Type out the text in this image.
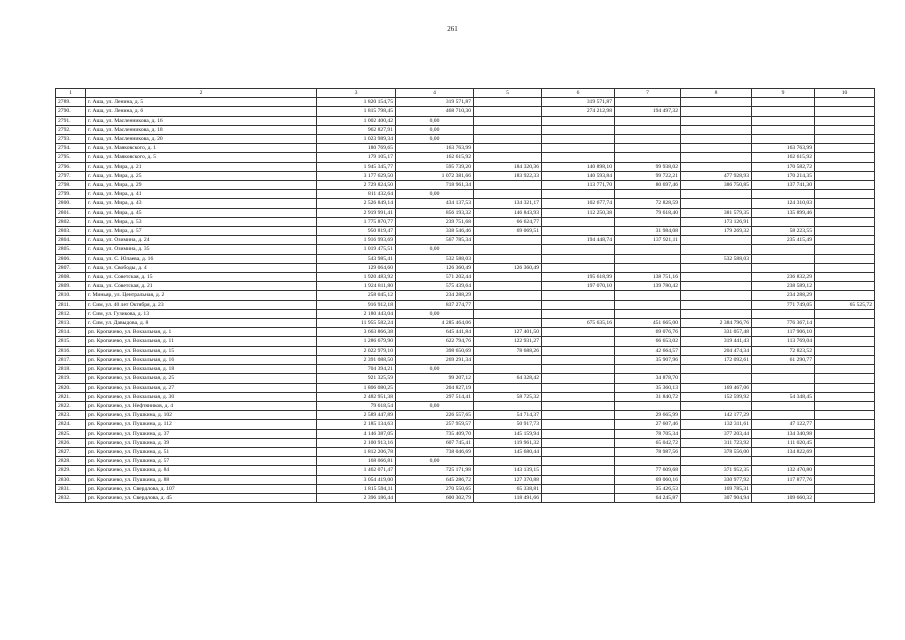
261
1	2	3	4	5	6	7	8	9	10
2789.	г. Аша, ул. Ленина, д. 5	1 820 154,75	319 571,87		319 571,87				
2790.	г. Аша, ул. Ленина, д. 6	1 815 798,45	468 710,30		274 212,98	194 497,32			
2791.	г. Аша, ул. Масленникова, д. 16	1 002 400,42	0,00						
2792.	г. Аша, ул. Масленникова, д. 18	962 827,91	0,00						
2793.	г. Аша, ул. Масленникова, д. 20	1 023 989,34	0,00						
2794.	г. Аша, ул. Маяковского, д. 1	180 769,65	163 763,99					163 763,99	
2795.	г. Аша, ул. Маяковского, д. 5	179 105,17	162 615,92					162 615,92	
2796.	г. Аша, ул. Мира, д. 21	1 945 345,77	595 739,20	184 320,36	140 898,10	99 938,02		170 582,72	
2797.	г. Аша, ул. Мира, д. 25	3 177 629,50	1 072 381,66	183 922,33	140 593,84	99 722,21	477 928,93	170 214,35	
2798.	г. Аша, ул. Мира, д. 29	2 729 824,50	718 961,34		113 771,70	80 697,46	386 750,85	137 741,30	
2799.	г. Аша, ул. Мира, д. 41	811 432,64	0,00						
2800.	г. Аша, ул. Мира, д. 43	2 526 849,14	434 137,53	134 321,17	102 677,74	72 828,59		124 310,03	
2801.	г. Аша, ул. Мира, д. 45	2 919 991,41	856 193,32	146 843,93	112 250,38	79 618,40	381 579,35	135 899,46	
2802.	г. Аша, ул. Мира, д. 53	1 775 870,77	239 751,68	66 624,77			173 126,91		
2803.	г. Аша, ул. Мира, д. 57	950 819,47	338 546,46	69 069,51		31 984,08	179 269,32	58 223,55	
2804.	г. Аша, ул. Озимина, д. 24	1 916 993,69	567 785,34		194 448,74	137 921,11		235 415,49	
2805.	г. Аша, ул. Озимина, д. 35	1 019 475,51	0,00						
2806.	г. Аша, ул. С. Юлаева, д. 16	543 985,41	532 588,03				532 588,03		
2807.	г. Аша, ул. Свободы, д. 4	129 064,60	126 360,49	126 360,49					
2808.	г. Аша, ул. Советская, д. 15	1 920 483,92	571 202,44		195 618,99	138 751,16		236 832,29	
2809.	г. Аша, ул. Советская, д. 21	1 924 811,80	575 439,64		197 070,10	139 780,42		238 589,12	
2810.	г. Миньяр, ул. Центральная, д. 2	258 045,12	234 288,29					234 288,29	
2811.	г. Сим, ул. 40 лет Октября, д. 23	916 912,18	837 274,77					771 749,05	65 525,72
2812.	г. Сим, ул. Гузикова, д. 13	2 180 443,04	0,00						
2813.	г. Сим, ул. Давыдова, д. 8	11 955 582,24	4 285 464,06		675 635,16	451 665,00	2 384 796,76	776 367,14	
2814.	рп. Кропачево, ул. Вокзальная, д. 1	3 663 866,38	645 441,84	127 401,50		69 076,76	331 057,48	117 906,10	
2815.	рп. Кропачево, ул. Вокзальная, д. 11	1 286 679,90	622 794,76	122 931,27		66 653,02	319 441,43	113 769,04	
2816.	рп. Кропачево, ул. Вокзальная, д. 15	2 022 979,10	398 650,69	78 688,26		42 664,57	204 474,34	72 823,52	
2817.	рп. Кропачево, ул. Вокзальная, д. 16	2 391 088,50	269 291,34			35 907,96	172 092,61	61 290,77	
2818.	рп. Кропачево, ул. Вокзальная, д. 18	704 394,21	0,00						
2819.	рп. Кропачево, ул. Вокзальная, д. 25	921 325,59	99 207,12	64 328,42		34 878,70			
2820.	рп. Кропачево, ул. Вокзальная, д. 27	1 806 080,25	204 827,19			35 360,13	169 467,06		
2821.	рп. Кропачево, ул. Вокзальная, д. 30	2 482 951,38	297 514,41	58 725,32		31 840,72	152 599,92	54 348,45	
2822.	рп. Кропачево, ул. Нефтяников, д. 4	79 618,54	0,00						
2823.	рп. Кропачево, ул. Пушкина, д. 102	2 589 447,89	226 557,65	54 714,37		29 665,99	142 177,29		
2824.	рп. Кропачево, ул. Пушкина, д. 112	2 185 134,63	257 959,57	50 917,73		27 607,46	132 311,61	47 122,77	
2825.	рп. Кропачево, ул. Пушкина, д. 37	4 146 387,05	735 409,70	145 159,94		78 705,34	377 203,44	134 340,98	
2826.	рп. Кропачево, ул. Пушкина, д. 39	2 100 913,16	607 745,41	119 961,32		65 042,72	311 723,92	111 020,45	
2827.	рп. Кропачево, ул. Пушкина, д. 51	1 812 206,78	738 046,69	145 680,44		78 987,56	378 556,00	134 822,69	
2828.	рп. Кропачево, ул. Пушкина, д. 57	168 066,81	0,00						
2829.	рп. Кропачево, ул. Пушкина, д. 84	1 462 071,47	725 171,98	143 139,15		77 609,68	371 952,35	132 470,80	
2830.	рп. Кропачево, ул. Пушкина, д. 88	3 054 419,00	645 286,72	127 370,88		69 060,16	330 977,92	117 877,76	
2831.	рп. Кропачево, ул. Свердлова, д. 107	1 815 594,11	270 550,65	65 338,81		35 426,53	169 785,31		
2832.	рп. Кропачево, ул. Свердлова, д. 45	2 396 186,44	600 302,79	118 491,66		64 245,87	307 904,94	109 660,32	
